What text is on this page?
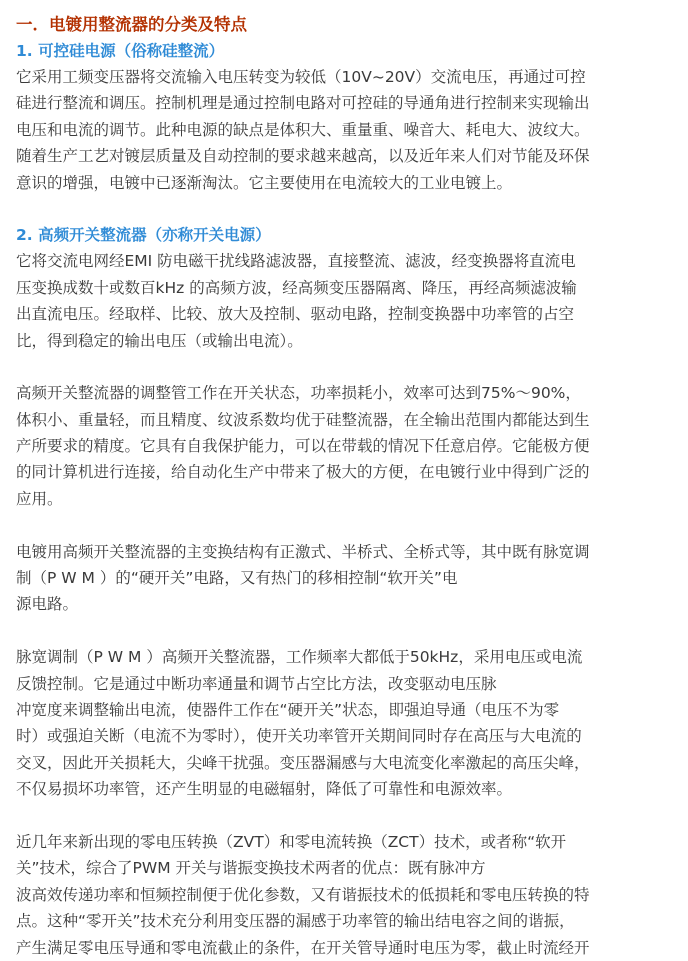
一．电镀用整流器的分类及特点
1. 可控硅电源（俗称硅整流）

它采用工频变压器将交流输入电压转变为较低（10V~20V）交流电压，再通过可控
硅进行整流和调压。控制机理是通过控制电路对可控硅的导通角进行控制来实现输出
电压和电流的调节。此种电源的缺点是体积大、重量重、噪音大、耗电大、波纹大。
随着生产工艺对镀层质量及自动控制的要求越来越高，以及近年来人们对节能及环保
意识的增强，电镀中已逐渐淘汰。它主要使用在电流较大的工业电镀上。

2. 高频开关整流器（亦称开关电源）

它将交流电网经EMI 防电磁干扰线路滤波器，直接整流、滤波，经变换器将直流电
压变换成数十或数百kHz 的高频方波，经高频变压器隔离、降压，再经高频滤波输
出直流电压。经取样、比较、放大及控制、驱动电路，控制变换器中功率管的占空
比，得到稳定的输出电压（或输出电流）。

高频开关整流器的调整管工作在开关状态，功率损耗小，效率可达到75%～90%，
体积小、重量轻，而且精度、纹波系数均优于硅整流器，在全输出范围内都能达到生
产所要求的精度。它具有自我保护能力，可以在带载的情况下任意启停。它能极方便
的同计算机进行连接，给自动化生产中带来了极大的方便，在电镀行业中得到广泛的
应用。

电镀用高频开关整流器的主变换结构有正激式、半桥式、全桥式等，其中既有脉宽调
制（P W M ）的“硬开关”电路，又有热门的移相控制“软开关”电
源电路。

脉宽调制（P W M ）高频开关整流器，工作频率大都低于50kHz，采用电压或电流
反馈控制。它是通过中断功率通量和调节占空比方法，改变驱动电压脉
冲宽度来调整输出电流，使器件工作在“硬开关”状态，即强迫导通（电压不为零
时）或强迫关断（电流不为零时），使开关功率管开关期间同时存在高压与大电流的
交叉，因此开关损耗大，尖峰干扰强。变压器漏感与大电流变化率激起的高压尖峰，
不仅易损坏功率管，还产生明显的电磁辐射，降低了可靠性和电源效率。

近几年来新出现的零电压转换（ZVT）和零电流转换（ZCT）技术，或者称“软开
关”技术，综合了PWM 开关与谐振变换技术两者的优点：既有脉冲方
波高效传递功率和恒频控制便于优化参数，又有谐振技术的低损耗和零电压转换的特
点。这种“零开关”技术充分利用变压器的漏感于功率管的输出结电容之间的谐振，
产生满足零电压导通和零电流截止的条件，在开关管导通时电压为零，截止时流经开
